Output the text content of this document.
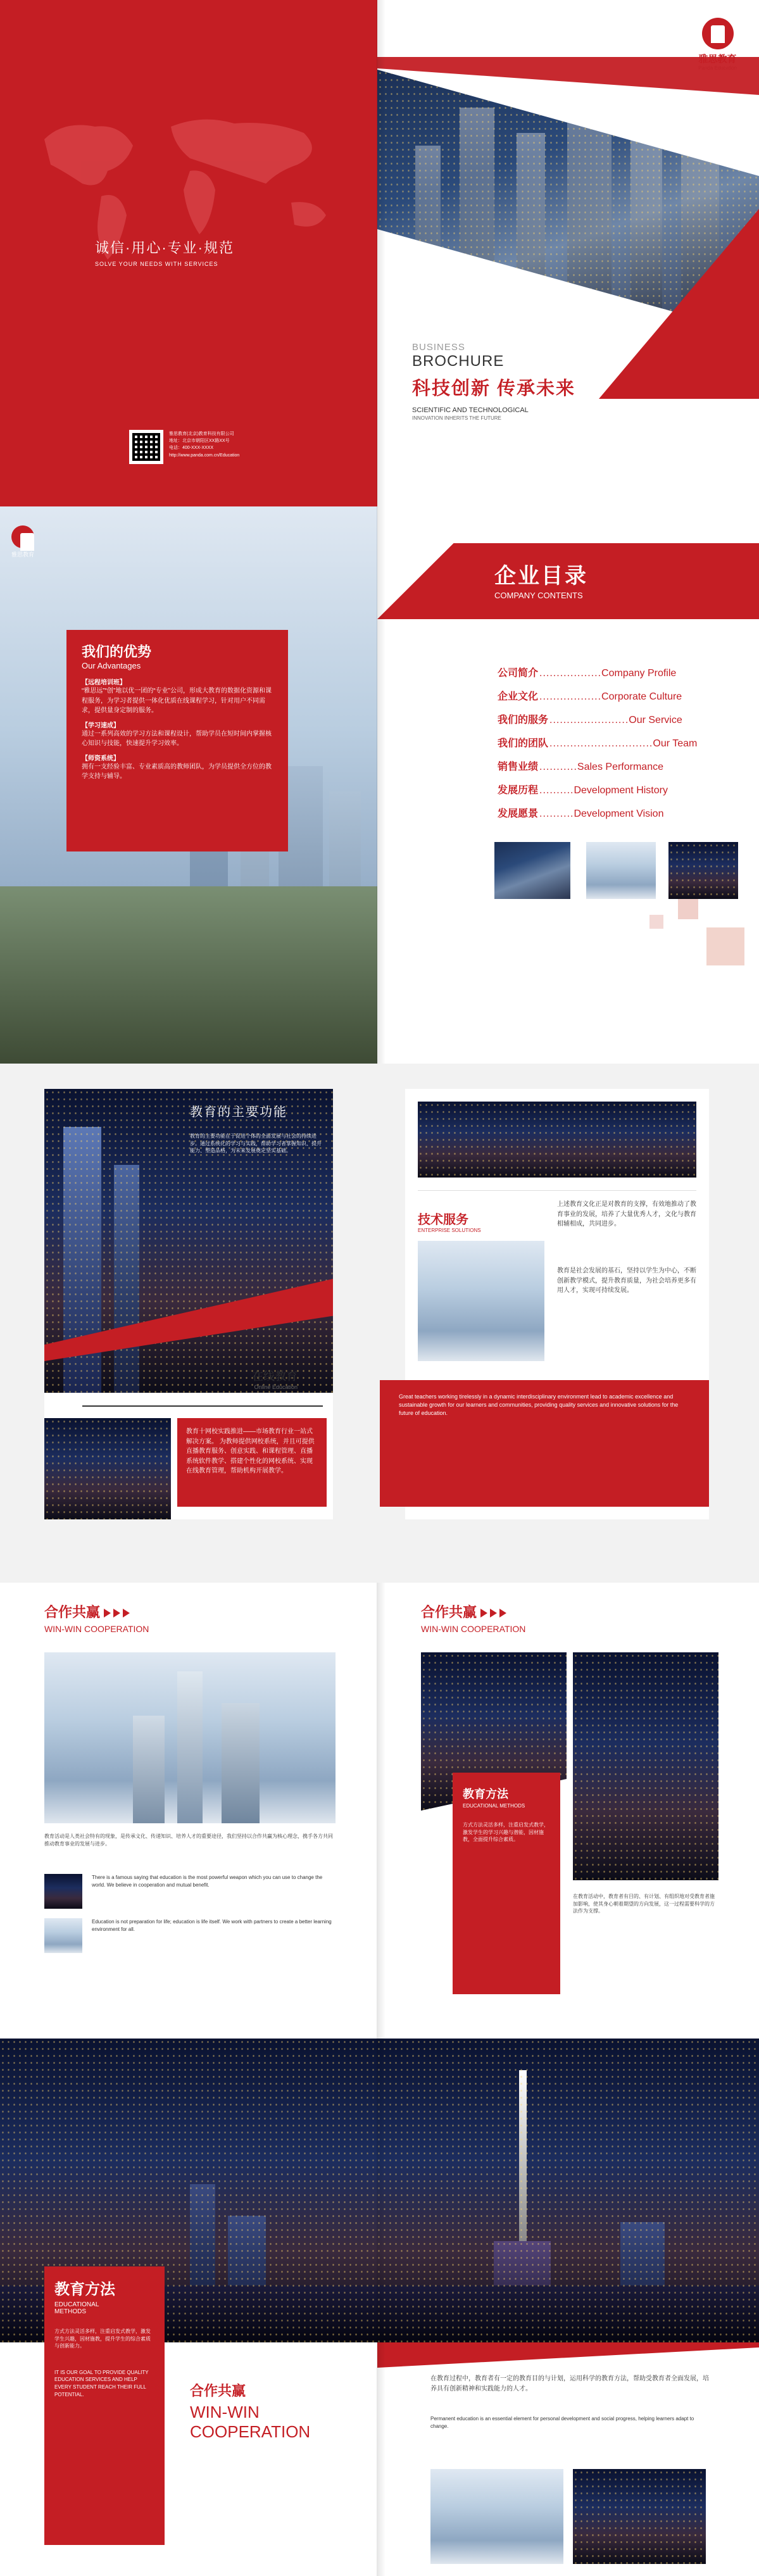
诚信·用心·专业·规范
SOLVE YOUR NEEDS WITH SERVICES
雅思教育(北京)教育科技有限公司
地址：北京市朝阳区XX路XX号
电话：400-XXX-XXXX
http://www.panda.com.cn/Education
BUSINESS
BROCHURE
科技创新 传承未来
SCIENTIFIC AND TECHNOLOGICAL
INNOVATION INHERITS THE FUTURE
雅思教育
我们的优势
Our Advantages
【远程培训班】
“雅思远”“创”地以优一团的“专业”公司，形成大教育的数据化资源和课程服务，为学习者提供一体化优质在线课程学习，针对用户不同需求，提供量身定制的服务。
【学习速成】
通过一系列高效的学习方法和课程设计，帮助学员在短时间内掌握核心知识与技能，快速提升学习效率。
【师资系统】
拥有一支经验丰富、专业素质高的教师团队，为学员提供全方位的教学支持与辅导。
企业目录
COMPANY CONTENTS
公司简介 .................. Company Profile
企业文化 .................. Corporate Culture
我们的服务 ....................... Our Service
我们的团队 .............................. Our Team
销售业绩 ........... Sales Performance
发展历程 .......... Development History
发展愿景 .......... Development Vision
教育的主要功能
教育的主要功能在于促进个体的全面发展与社会的持续进步。通过系统化的学习与实践，帮助学习者掌握知识、提升能力、塑造品格，为未来发展奠定坚实基础。
在线教育
Online Education
教育十网校实践推进——市场教育行业一站式解决方案。 为教师提供网校系统，并且可提供直播教育服务、创意实践、和课程管理、直播系统软件教学、搭建个性化的网校系统、实现在线教育管理，帮助机构开展教学。
技术服务
ENTERPRISE SOLUTIONS
上述教育文化正是对教育的支撑，有效地推动了教育事业的发展，培养了大量优秀人才，文化与教育相辅相成，共同进步。
教育是社会发展的基石，坚持以学生为中心，不断创新教学模式，提升教育质量，为社会培养更多有用人才，实现可持续发展。
Great teachers working tirelessly in a dynamic interdisciplinary environment lead to academic excellence and sustainable growth for our learners and communities, providing quality services and innovative solutions for the future of education.
合作共赢
WIN-WIN COOPERATION
教育活动是人类社会特有的现象，是传承文化、传递知识、培养人才的重要途径，我们坚持以合作共赢为核心理念，携手各方共同推动教育事业的发展与进步。
There is a famous saying that education is the most powerful weapon which you can use to change the world. We believe in cooperation and mutual benefit.
Education is not preparation for life; education is life itself. We work with partners to create a better learning environment for all.
合作共赢
WIN-WIN COOPERATION
教育方法
EDUCATIONAL METHODS
方式方法灵活多样，注重启发式教学，激发学生的学习兴趣与潜能，因材施教，全面提升综合素质。
在教育活动中，教育者有目的、有计划、有组织地对受教育者施加影响，使其身心朝着期望的方向发展，这一过程需要科学的方法作为支撑。
教育方法
EDUCATIONAL
METHODS
方式方法灵活多样，注重启发式教学，激发学生兴趣，因材施教，提升学生的综合素质与创新能力。
IT IS OUR GOAL TO PROVIDE QUALITY EDUCATION SERVICES AND HELP EVERY STUDENT REACH THEIR FULL POTENTIAL.	合作共赢
WIN-WIN
COOPERATION
在教育过程中，教育者有一定的教育目的与计划，运用科学的教育方法，帮助受教育者全面发展，培养具有创新精神和实践能力的人才。
Permanent education is an essential element for personal development and social progress, helping learners adapt to change.
